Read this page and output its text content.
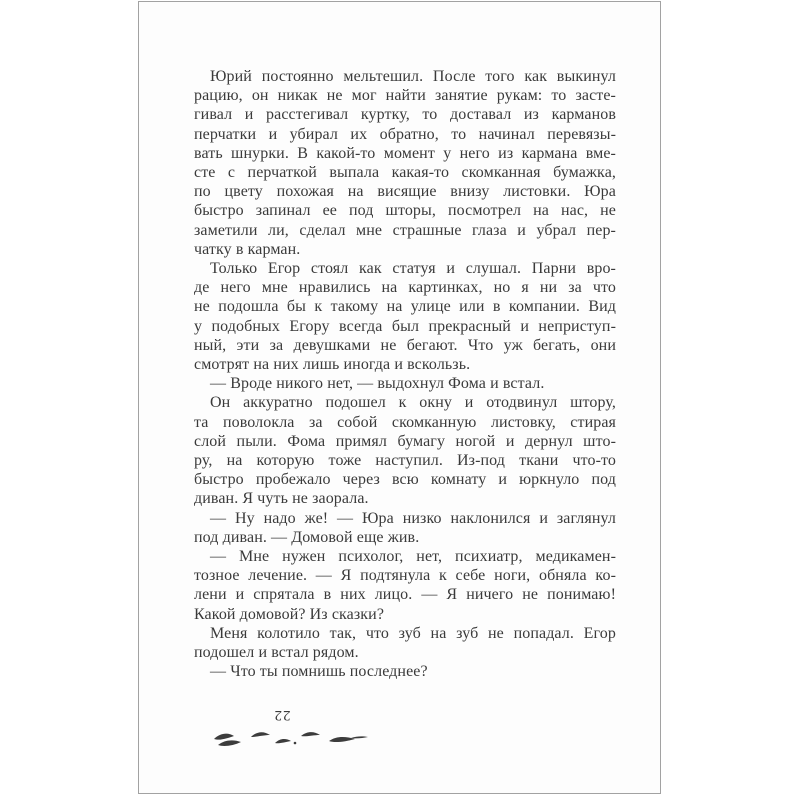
Юрий постоянно мельтешил. После того как выкинул
рацию, он никак не мог найти занятие рукам: то засте-
гивал и расстегивал куртку, то доставал из карманов
перчатки и убирал их обратно, то начинал перевязы-
вать шнурки. В какой-то момент у него из кармана вме-
сте с перчаткой выпала какая-то скомканная бумажка,
по цвету похожая на висящие внизу листовки. Юра
быстро запинал ее под шторы, посмотрел на нас, не
заметили ли, сделал мне страшные глаза и убрал пер-
чатку в карман.
Только Егор стоял как статуя и слушал. Парни вро-
де него мне нравились на картинках, но я ни за что
не подошла бы к такому на улице или в компании. Вид
у подобных Егору всегда был прекрасный и неприступ-
ный, эти за девушками не бегают. Что уж бегать, они
смотрят на них лишь иногда и вскользь.
— Вроде никого нет, — выдохнул Фома и встал.
Он аккуратно подошел к окну и отодвинул штору,
та поволокла за собой скомканную листовку, стирая
слой пыли. Фома примял бумагу ногой и дернул што-
ру, на которую тоже наступил. Из-под ткани что-то
быстро пробежало через всю комнату и юркнуло под
диван. Я чуть не заорала.
— Ну надо же! — Юра низко наклонился и заглянул
под диван. — Домовой еще жив.
— Мне нужен психолог, нет, психиатр, медикамен-
тозное лечение. — Я подтянула к себе ноги, обняла ко-
лени и спрятала в них лицо. — Я ничего не понимаю!
Какой домовой? Из сказки?
Меня колотило так, что зуб на зуб не попадал. Егор
подошел и встал рядом.
— Что ты помнишь последнее?
22
